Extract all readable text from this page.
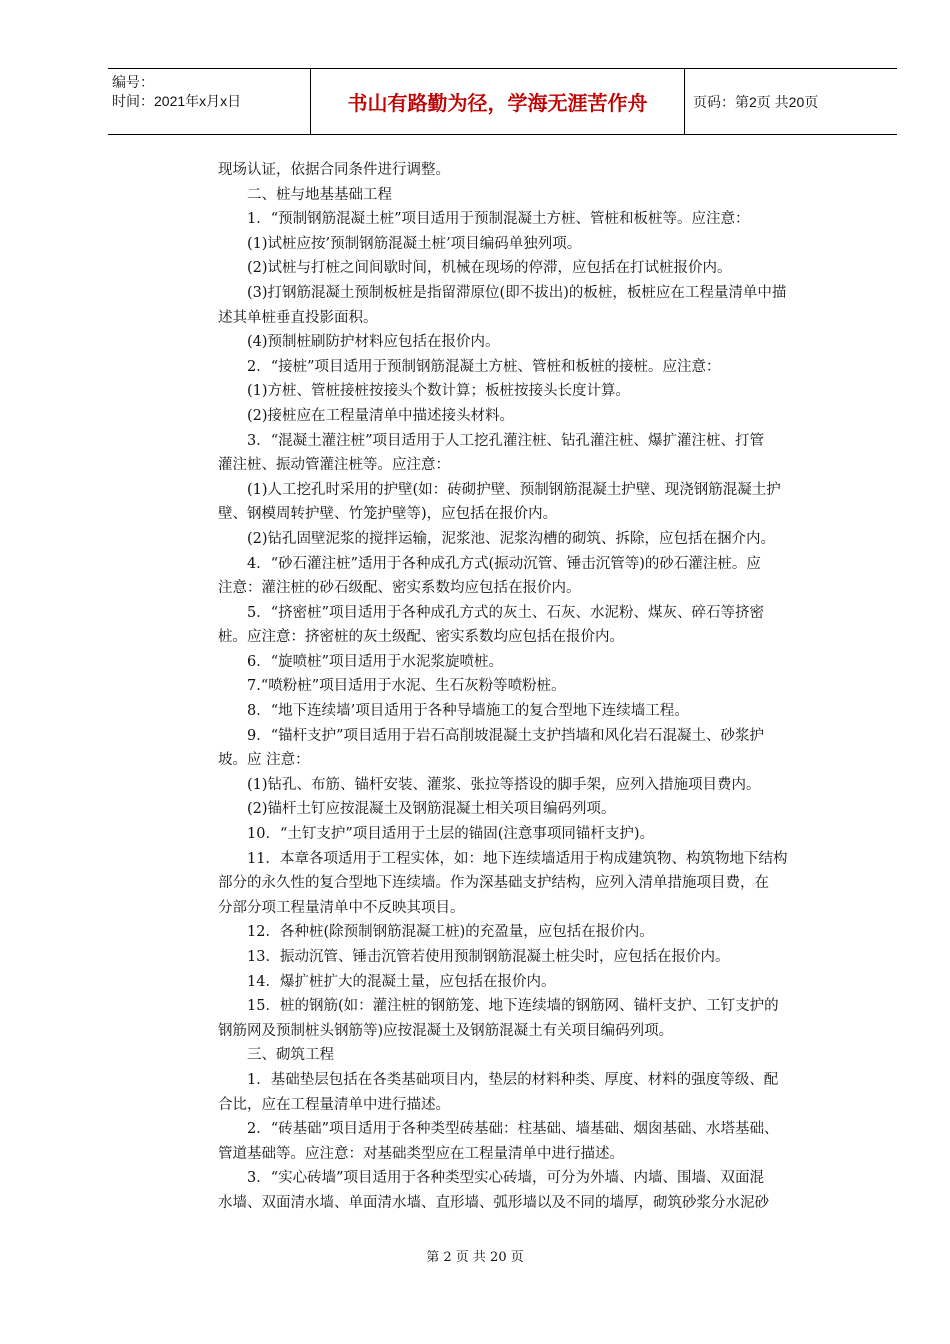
编号：
时间：2021年x月x日	书山有路勤为径，学海无涯苦作舟	页码：第2页 共20页

现场认证，依据合同条件进行调整。

二、桩与地基基础工程

1．“预制钢筋混凝土桩”项目适用于预制混凝土方桩、管桩和板桩等。应注意：

(1)试桩应按’预制钢筋混凝土桩’项目编码单独列项。

(2)试桩与打桩之间间歇时间，机械在现场的停滞，应包括在打试桩报价内。

(3)打钢筋混凝土预制板桩是指留滞原位(即不拔出)的板桩，板桩应在工程量清单中描

述其单桩垂直投影面积。

(4)预制桩刷防护材料应包括在报价内。

2．“接桩”项目适用于预制钢筋混凝土方桩、管桩和板桩的接桩。应注意：

(1)方桩、管桩接桩按接头个数计算；板桩按接头长度计算。

(2)接桩应在工程量清单中描述接头材料。

3．“混凝土灌注桩”项目适用于人工挖孔灌注桩、钻孔灌注桩、爆扩灌注桩、打管

灌注桩、振动管灌注桩等。应注意：

(1)人工挖孔时采用的护壁(如：砖砌护壁、预制钢筋混凝土护壁、现浇钢筋混凝土护

壁、钢模周转护壁、竹笼护壁等)，应包括在报价内。

(2)钻孔固壁泥浆的搅拌运输，泥浆池、泥浆沟槽的砌筑、拆除，应包括在捆介内。

4．“砂石灌注桩”适用于各种成孔方式(振动沉管、锤击沉管等)的砂石灌注桩。应

注意：灌注桩的砂石级配、密实系数均应包括在报价内。

5．“挤密桩”项目适用于各种成孔方式的灰土、石灰、水泥粉、煤灰、碎石等挤密

桩。应注意：挤密桩的灰土级配、密实系数均应包括在报价内。

6．“旋喷桩”项目适用于水泥浆旋喷桩。

7.“喷粉桩”项目适用于水泥、生石灰粉等喷粉桩。

8．“地下连续墙’项目适用于各种导墙施工的复合型地下连续墙工程。

9．“锚杆支护”项目适用于岩石高削坡混凝土支护挡墙和风化岩石混凝土、砂浆护

坡。应 注意：

(1)钻孔、布筋、锚杆安装、灌浆、张拉等搭设的脚手架，应列入措施项目费内。

(2)锚杆土钉应按混凝土及钢筋混凝土相关项目编码列项。

10．“土钉支护”项目适用于土层的锚固(注意事项同锚杆支护)。

11．本章各项适用于工程实体，如：地下连续墙适用于构成建筑物、构筑物地下结构

部分的永久性的复合型地下连续墙。作为深基础支护结构，应列入清单措施项目费，在

分部分项工程量清单中不反映其项目。

12．各种桩(除预制钢筋混凝工桩)的充盈量，应包括在报价内。

13．振动沉管、锤击沉管若使用预制钢筋混凝土桩尖时，应包括在报价内。

14．爆扩桩扩大的混凝土量，应包括在报价内。

15．桩的钢筋(如：灌注桩的钢筋笼、地下连续墙的钢筋网、锚杆支护、工钉支护的

钢筋网及预制桩头钢筋等)应按混凝土及钢筋混凝土有关项目编码列项。

三、砌筑工程

1．基础垫层包括在各类基础项目内，垫层的材料种类、厚度、材料的强度等级、配

合比，应在工程量清单中进行描述。

2．“砖基础”项目适用于各种类型砖基础：柱基础、墙基础、烟囱基础、水塔基础、

管道基础等。应注意：对基础类型应在工程量清单中进行描述。

3．“实心砖墙”项目适用于各种类型实心砖墙，可分为外墙、内墙、围墙、双面混

水墙、双面清水墙、单面清水墙、直形墙、弧形墙以及不同的墙厚，砌筑砂浆分水泥砂

第 2 页 共 20 页
